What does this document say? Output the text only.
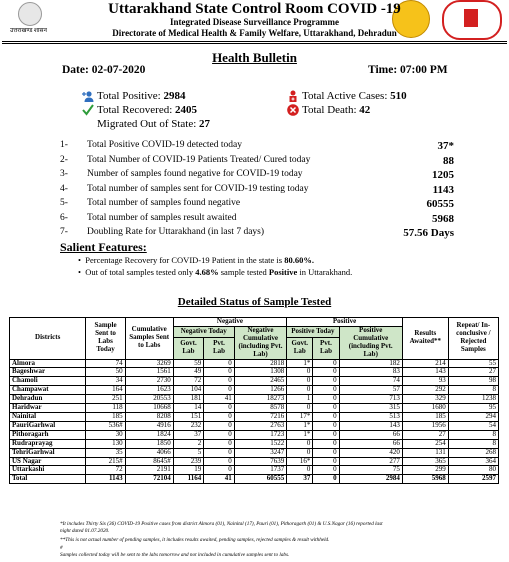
उत्तराखण्ड शासन
Uttarakhand State Control Room COVID -19
Integrated Disease Surveillance Programme
Directorate of Medical Health & Family Welfare, Uttarakhand, Dehradun
Health Bulletin
Date: 02-07-2020	Time: 07:00 PM
Total Positive: 2984
Total Recovered: 2405
Migrated Out of State: 27
Total Active Cases: 510
Total Death: 42
1- Total Positive COVID-19 detected today	37*
2- Total Number of COVID-19 Patients Treated/ Cured today	88
3- Number of samples found negative for COVID-19 today	1205
4- Total number of samples sent for COVID-19 testing today	1143
5- Total number of samples found negative	60555
6- Total number of samples result awaited	5968
7- Doubling Rate for Uttarakhand (in last 7 days)	57.56 Days
Salient Features:
•  Percentage Recovery for COVID-19 Patient in the state is 80.60%.
•  Out of total samples tested only 4.68% sample tested Positive in Uttarakhand.
Detailed Status of Sample Tested
Districts	Sample Sent to Labs Today	Cumulative Samples Sent to Labs	Negative			Positive			Results Awaited**	Repeat/ In-conclusive / Rejected Samples
			Negative Today		Negative Cumulative (including Pvt. Lab)	Positive Today		Positive Cumulative (including Pvt. Lab)		
			Govt. Lab	Pvt. Lab		Govt. Lab	Pvt. Lab			
Almora	74	3269	59	0	2818	1*	0	182	214	55
Bageshwar	50	1561	49	0	1308	0	0	83	143	27
Chamoli	34	2730	72	0	2465	0	0	74	93	98
Champawat	164	1623	104	0	1266	0	0	57	292	8
Dehradun	251	20553	181	41	18273	1	0	713	329	1238
Haridwar	118	10668	14	0	8578	0	0	315	1680	95
Nainital	185	8208	151	0	7216	17*	0	513	185	294
PauriGarhwal	536#	4916	232	0	2763	1*	0	143	1956	54
Pithoragarh	30	1824	37	0	1723	1*	0	66	27	8
Rudraprayag	130	1850	2	0	1522	0	0	66	254	8
TehriGarhwal	35	4066	5	0	3247	0	0	420	131	268
US Nagar	215#	8645#	239	0	7639	16*	0	277	365	364
Uttarkashi	72	2191	19	0	1737	0	0	75	299	80
Total	1143	72104	1164	41	60555	37	0	2984	5968	2597
*It includes Thirty Six (36) COVID-19 Positive cases from district Almora (01), Nainital (17), Pauri (01), Pithoragarh (01) & U.S.Nagar (16) reported last
night dated 01.07.2020.
**This is not actual number of pending samples, it includes results awaited, pending samples, rejected samples & result withheld.
#
Samples collected today will be sent to the labs tomorrow and not included in cumulative samples sent to labs.
